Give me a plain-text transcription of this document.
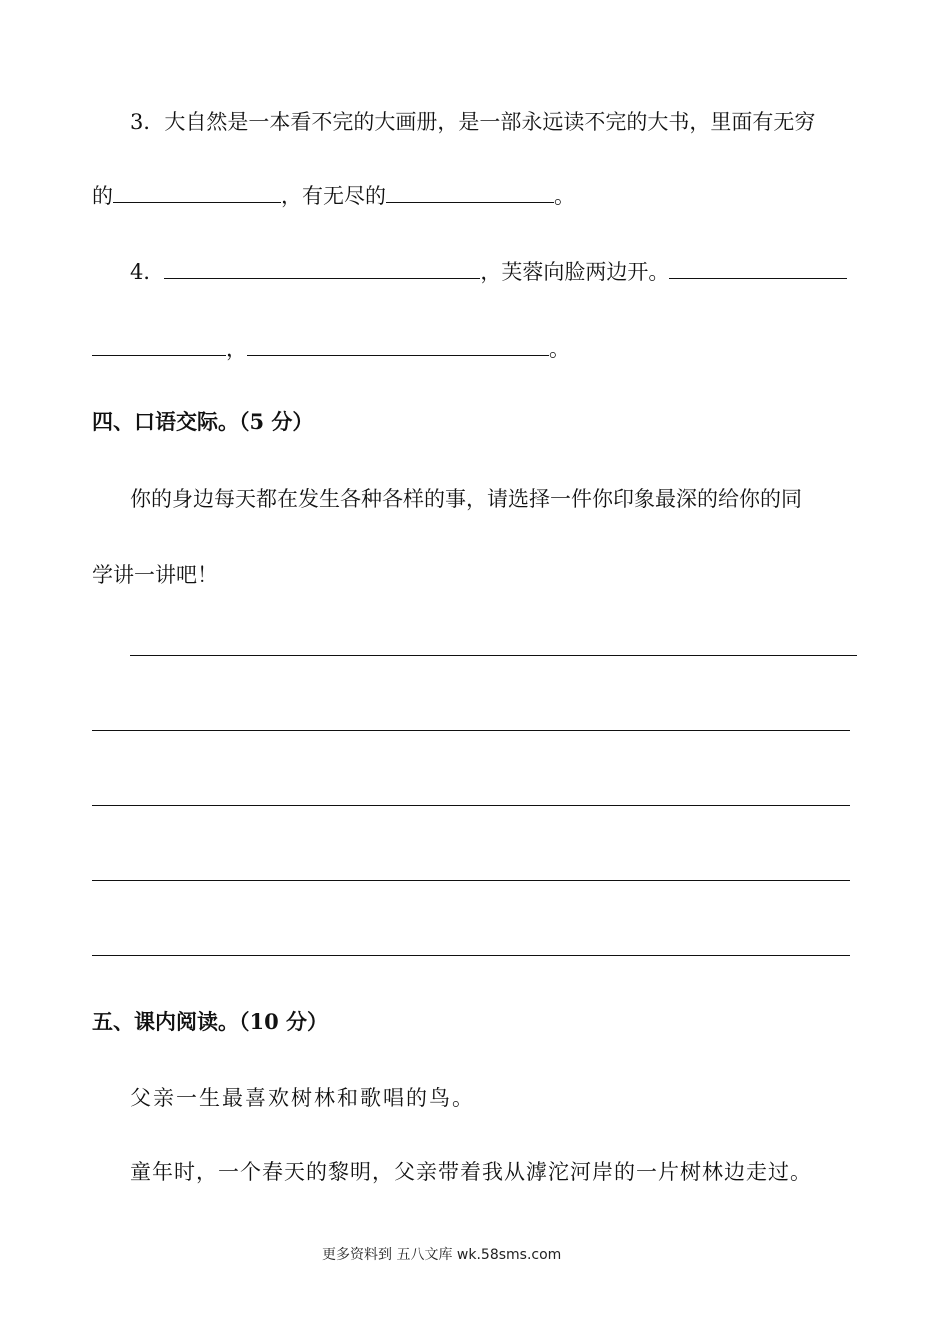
3．大自然是一本看不完的大画册，是一部永远读不完的大书，里面有无穷
的	，有无尽的	。
4．	，芙蓉向脸两边开。
，	。
四、口语交际。（5 分）
你的身边每天都在发生各种各样的事，请选择一件你印象最深的给你的同
学讲一讲吧！
五、课内阅读。（10 分）
父亲一生最喜欢树林和歌唱的鸟。
童年时，一个春天的黎明，父亲带着我从滹沱河岸的一片树林边走过。
更多资料到 五八文库 wk.58sms.com
